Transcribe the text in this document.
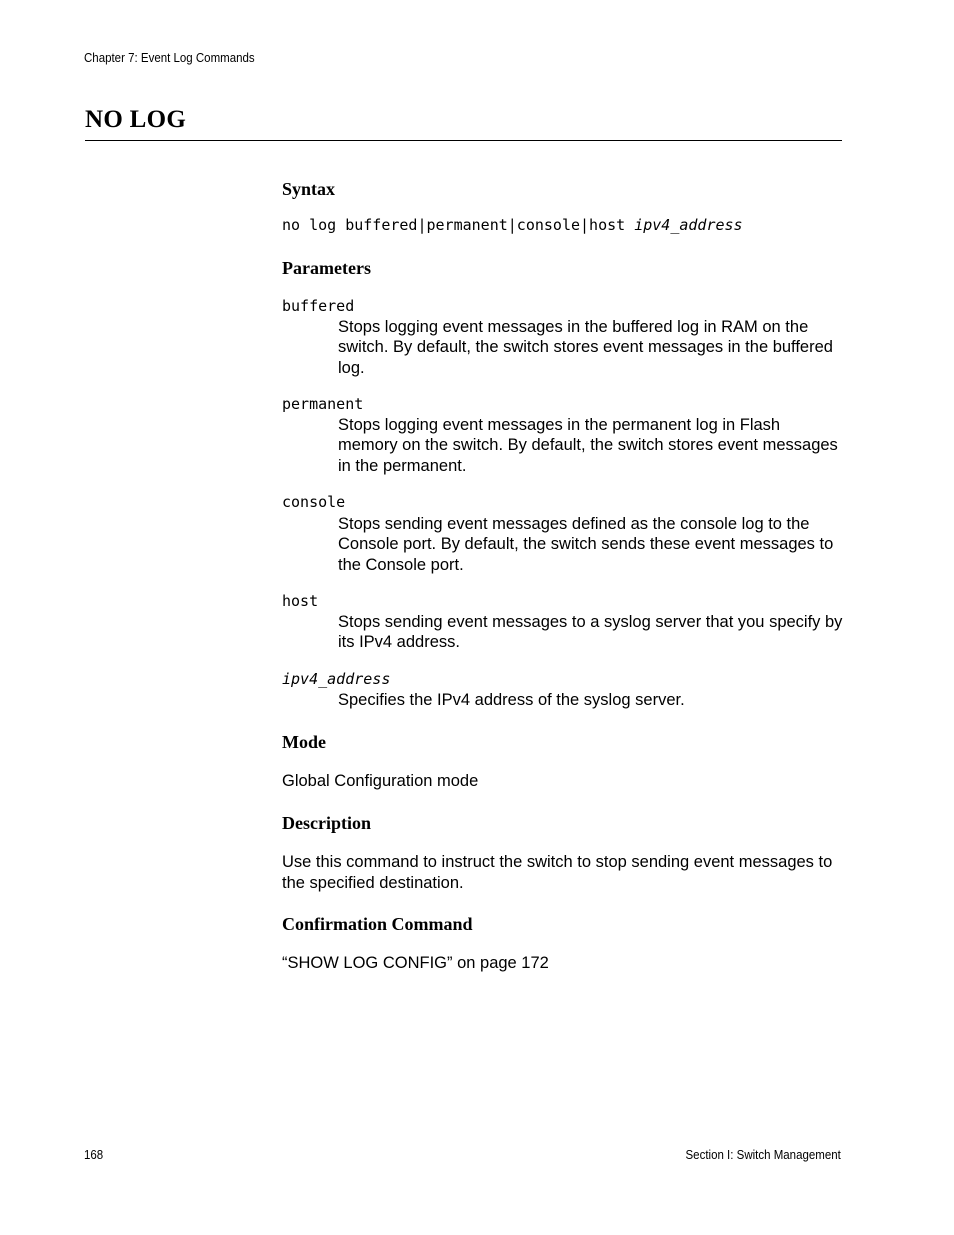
Chapter 7: Event Log Commands
NO LOG
Syntax
no log buffered|permanent|console|host ipv4_address
Parameters
buffered
Stops logging event messages in the buffered log in RAM on the switch. By default, the switch stores event messages in the buffered log.
permanent
Stops logging event messages in the permanent log in Flash memory on the switch. By default, the switch stores event messages in the permanent.
console
Stops sending event messages defined as the console log to the Console port. By default, the switch sends these event messages to the Console port.
host
Stops sending event messages to a syslog server that you specify by its IPv4 address.
ipv4_address
Specifies the IPv4 address of the syslog server.
Mode
Global Configuration mode
Description
Use this command to instruct the switch to stop sending event messages to the specified destination.
Confirmation Command
“SHOW LOG CONFIG” on page 172
168	Section I: Switch Management
